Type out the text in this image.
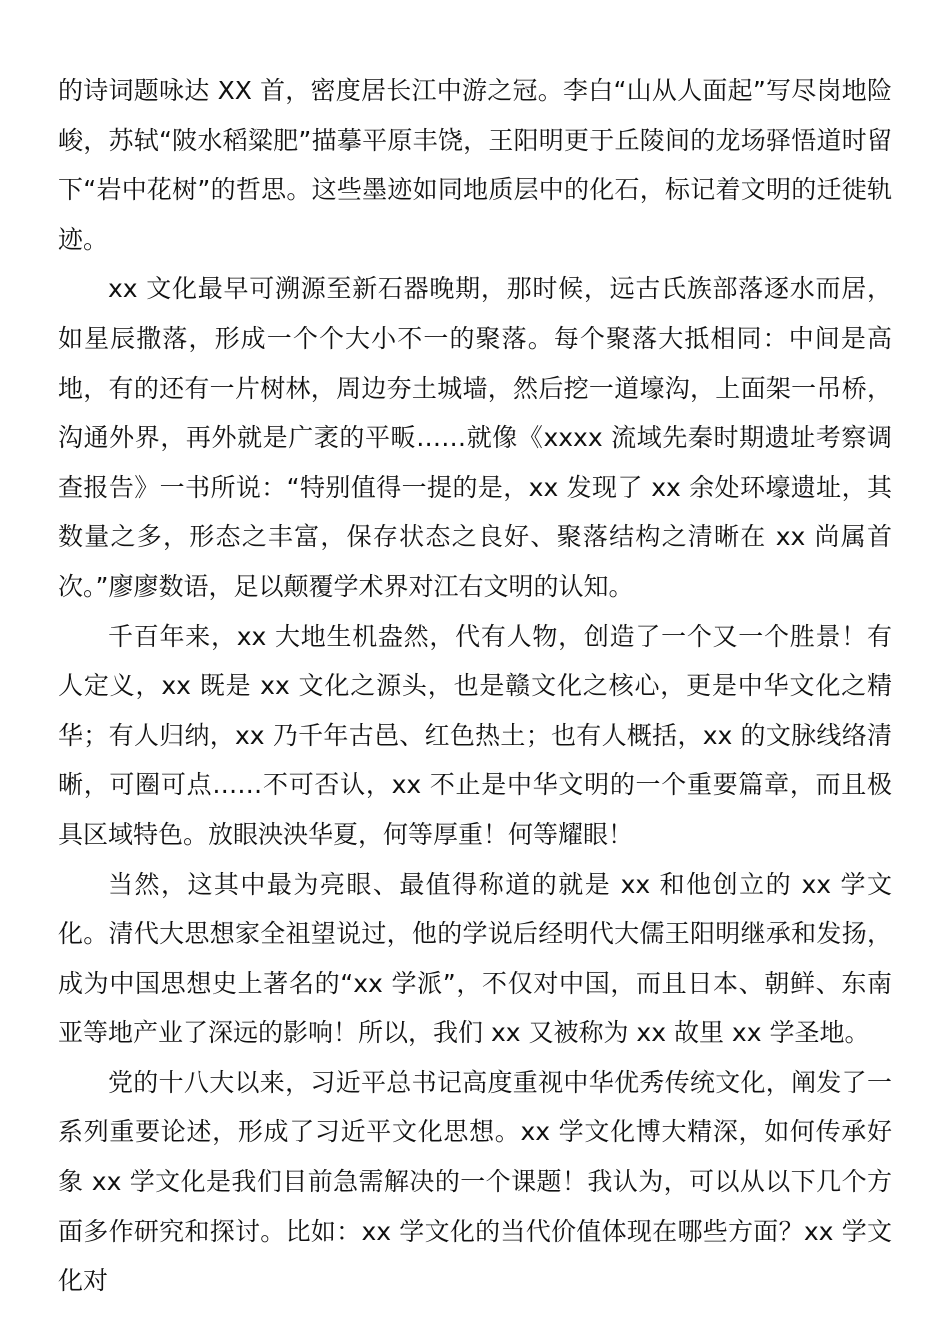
的诗词题咏达 XX 首，密度居长江中游之冠。李白“山从人面起”写尽岗地险峻，苏轼“陂水稻粱肥”描摹平原丰饶，王阳明更于丘陵间的龙场驿悟道时留下“岩中花树”的哲思。这些墨迹如同地质层中的化石，标记着文明的迁徙轨迹。

xx 文化最早可溯源至新石器晚期，那时候，远古氏族部落逐水而居，如星辰撒落，形成一个个大小不一的聚落。每个聚落大抵相同：中间是高地，有的还有一片树林，周边夯土城墙，然后挖一道壕沟，上面架一吊桥，沟通外界，再外就是广袤的平畈……就像《xxxx 流域先秦时期遗址考察调查报告》一书所说：“特别值得一提的是，xx 发现了 xx 余处环壕遗址，其数量之多，形态之丰富，保存状态之良好、聚落结构之清晰在 xx 尚属首次。”廖廖数语，足以颠覆学术界对江右文明的认知。

千百年来，xx 大地生机盎然，代有人物，创造了一个又一个胜景！有人定义，xx 既是 xx 文化之源头，也是赣文化之核心，更是中华文化之精华；有人归纳，xx 乃千年古邑、红色热土；也有人概括，xx 的文脉线络清晰，可圈可点……不可否认，xx 不止是中华文明的一个重要篇章，而且极具区域特色。放眼泱泱华夏，何等厚重！何等耀眼！

当然，这其中最为亮眼、最值得称道的就是 xx 和他创立的 xx 学文化。清代大思想家全祖望说过，他的学说后经明代大儒王阳明继承和发扬，成为中国思想史上著名的“xx 学派”，不仅对中国，而且日本、朝鲜、东南亚等地产业了深远的影响！所以，我们 xx 又被称为 xx 故里 xx 学圣地。

党的十八大以来，习近平总书记高度重视中华优秀传统文化，阐发了一系列重要论述，形成了习近平文化思想。xx 学文化博大精深，如何传承好象 xx 学文化是我们目前急需解决的一个课题！我认为，可以从以下几个方面多作研究和探讨。比如：xx 学文化的当代价值体现在哪些方面？xx 学文化对
